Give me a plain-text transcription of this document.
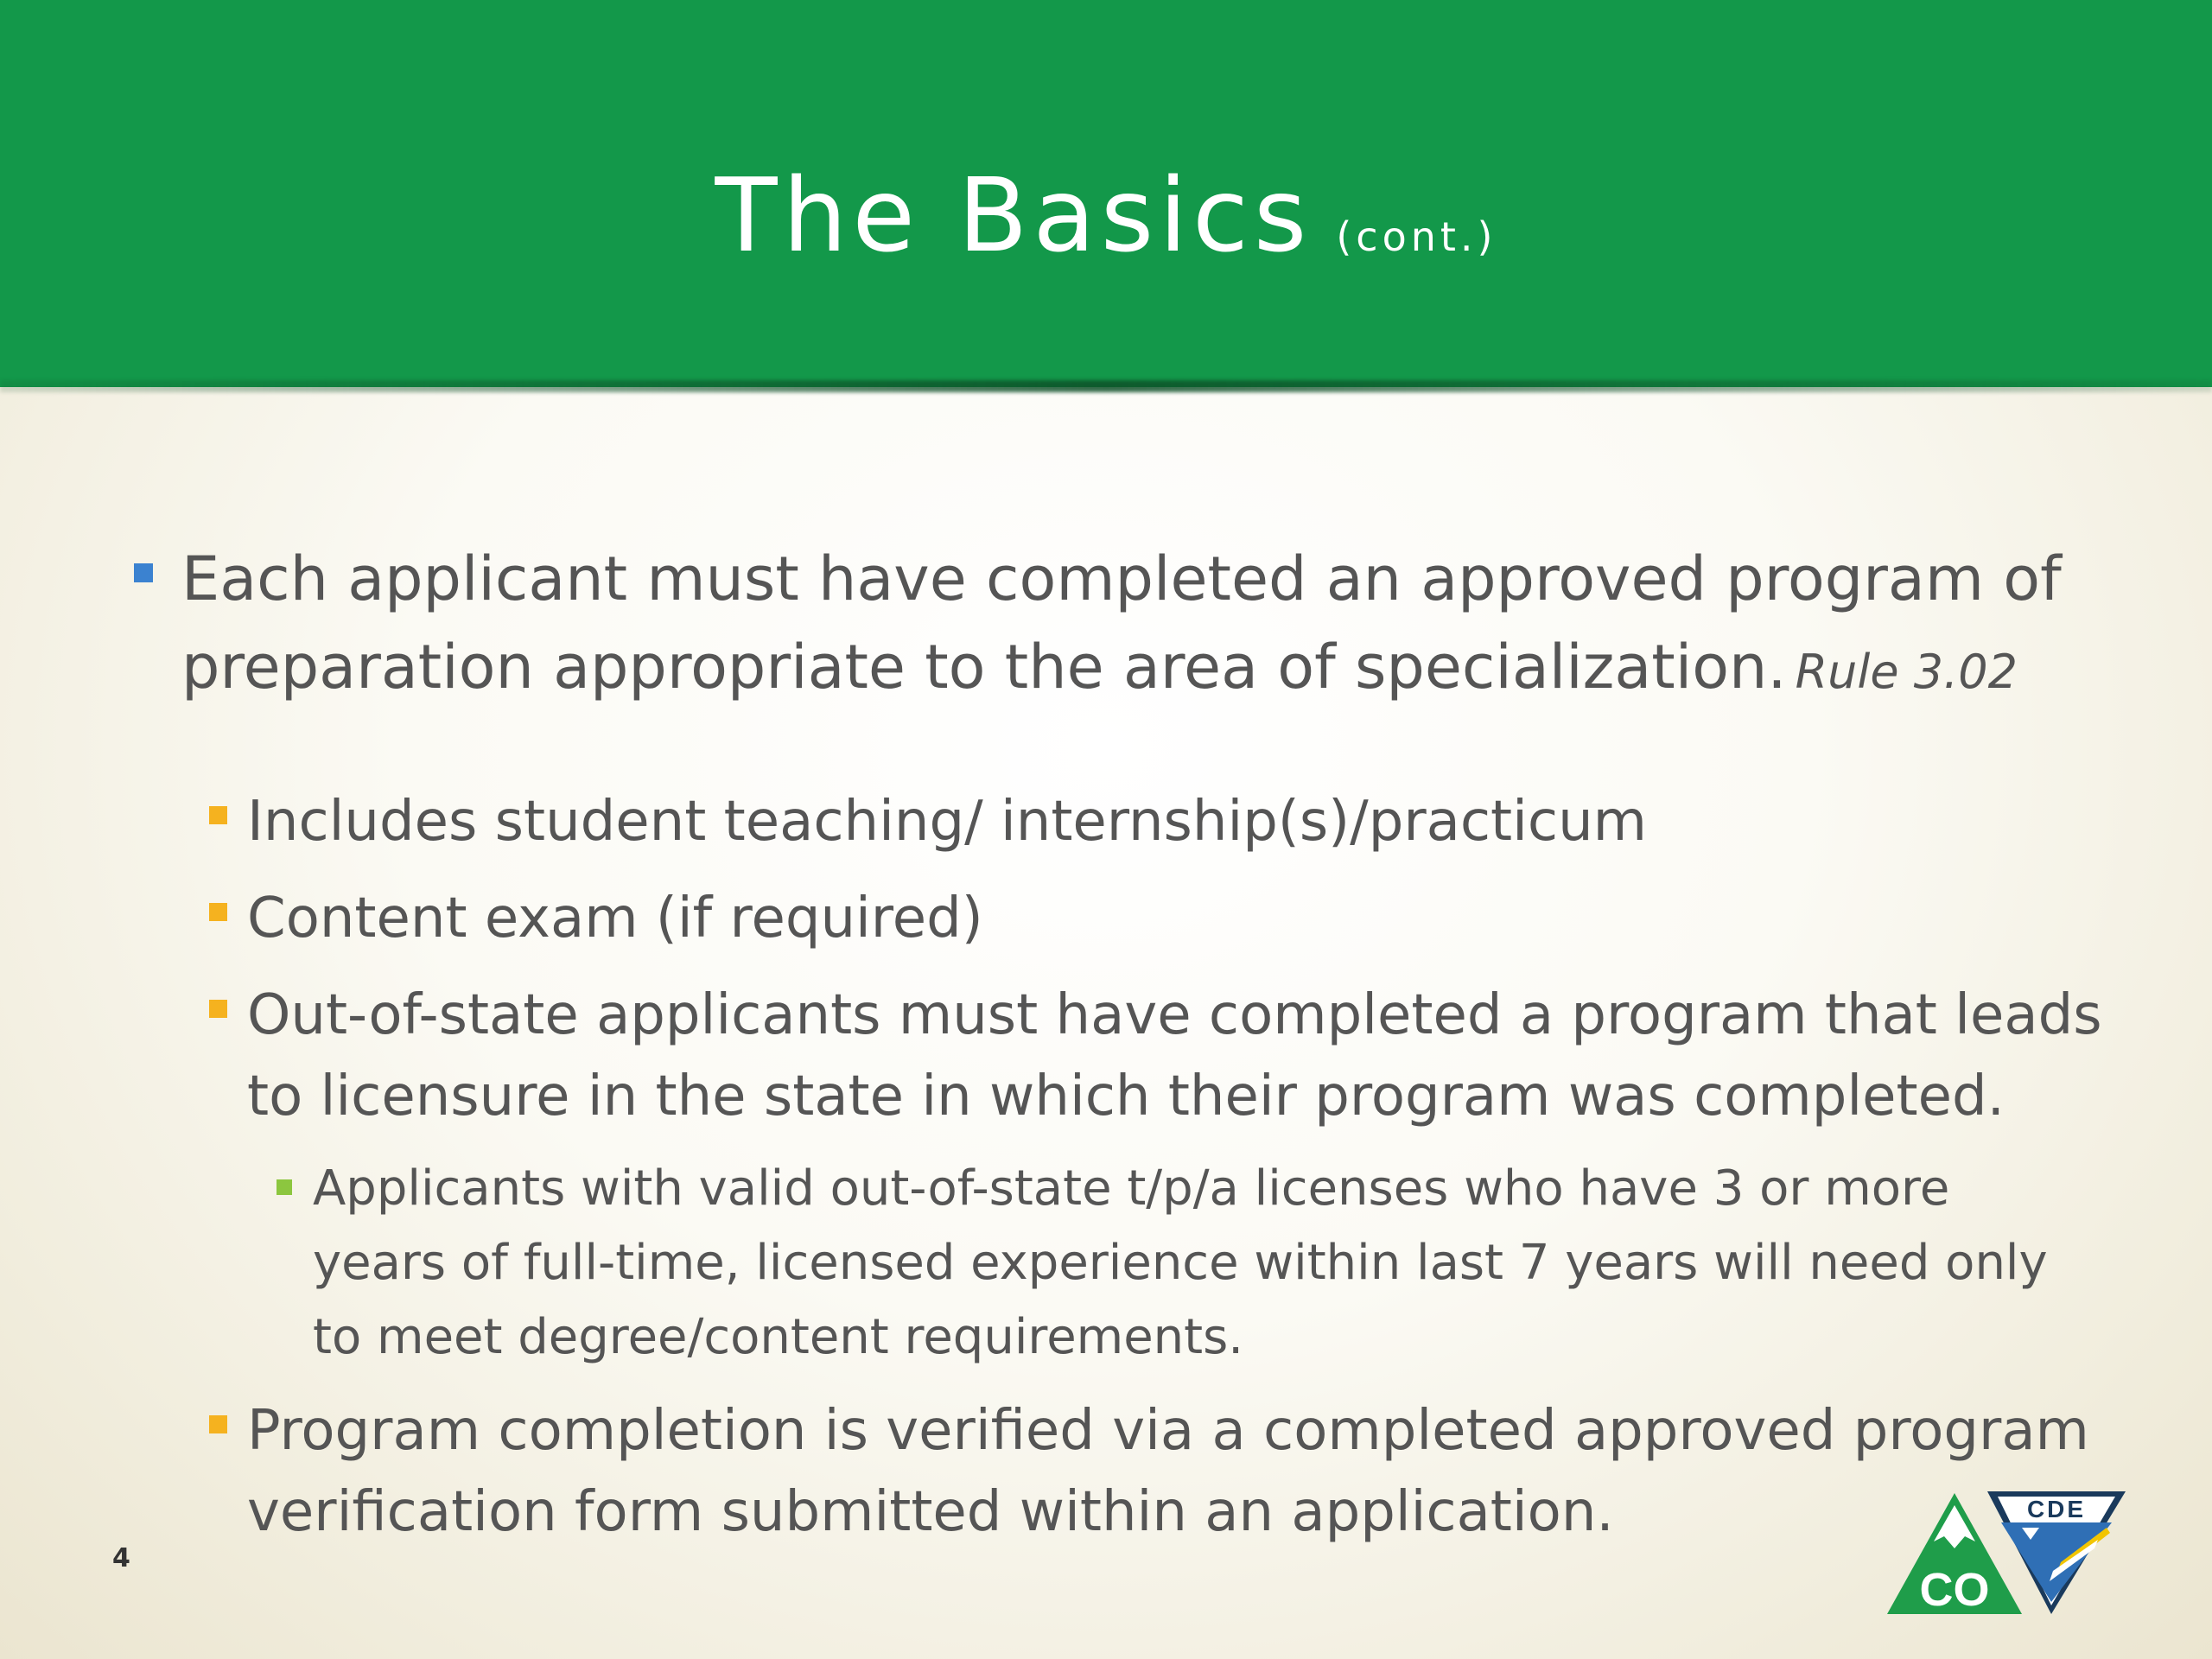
The Basics (cont.)
Each applicant must have completed an approved program of
preparation appropriate to the area of specialization. Rule 3.02
Includes student teaching/ internship(s)/practicum
Content exam (if required)
Out-of-state applicants must have completed a program that leads
to licensure in the state in which their program was completed.
Applicants with valid out-of-state t/p/a licenses who have 3 or more
years of full-time, licensed experience within last 7 years will need only
to meet degree/content requirements.
Program completion is verified via a completed approved program
verification form submitted within an application.
4
CO
CDE
